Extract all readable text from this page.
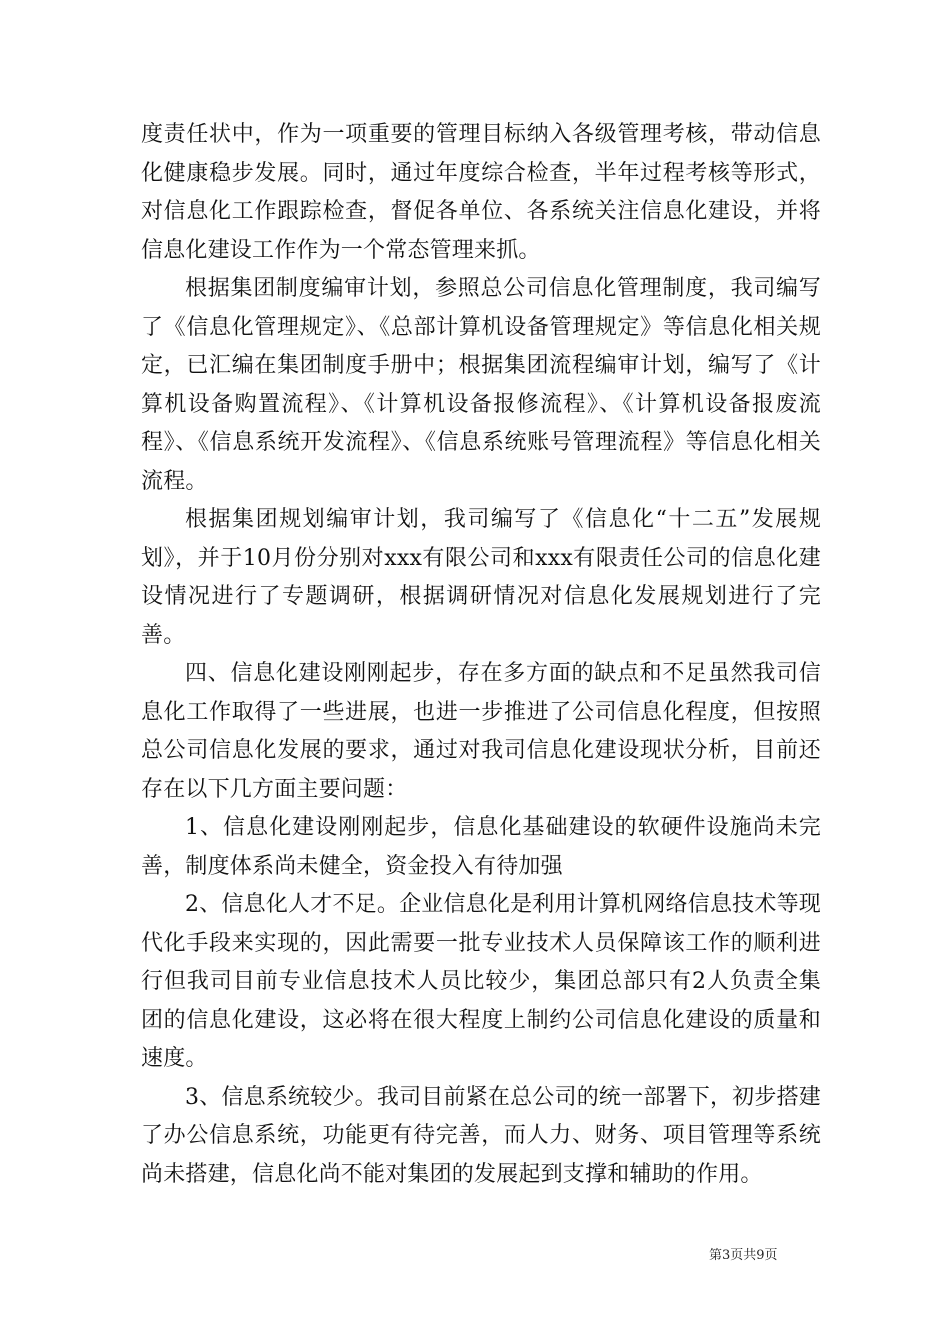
度责任状中，作为一项重要的管理目标纳入各级管理考核，带动信息化健康稳步发展。同时，通过年度综合检查，半年过程考核等形式，对信息化工作跟踪检查，督促各单位、各系统关注信息化建设，并将信息化建设工作作为一个常态管理来抓。

根据集团制度编审计划，参照总公司信息化管理制度，我司编写了《信息化管理规定》、《总部计算机设备管理规定》等信息化相关规定，已汇编在集团制度手册中；根据集团流程编审计划，编写了《计算机设备购置流程》、《计算机设备报修流程》、《计算机设备报废流程》、《信息系统开发流程》、《信息系统账号管理流程》等信息化相关流程。

根据集团规划编审计划，我司编写了《信息化“十二五”发展规划》，并于10月份分别对xxx有限公司和xxx有限责任公司的信息化建设情况进行了专题调研，根据调研情况对信息化发展规划进行了完善。

四、信息化建设刚刚起步，存在多方面的缺点和不足虽然我司信息化工作取得了一些进展，也进一步推进了公司信息化程度，但按照总公司信息化发展的要求，通过对我司信息化建设现状分析，目前还存在以下几方面主要问题：

1、信息化建设刚刚起步，信息化基础建设的软硬件设施尚未完善，制度体系尚未健全，资金投入有待加强

2、信息化人才不足。企业信息化是利用计算机网络信息技术等现代化手段来实现的，因此需要一批专业技术人员保障该工作的顺利进行但我司目前专业信息技术人员比较少，集团总部只有2人负责全集团的信息化建设，这必将在很大程度上制约公司信息化建设的质量和速度。

3、信息系统较少。我司目前紧在总公司的统一部署下，初步搭建了办公信息系统，功能更有待完善，而人力、财务、项目管理等系统尚未搭建，信息化尚不能对集团的发展起到支撑和辅助的作用。

第3页共9页
